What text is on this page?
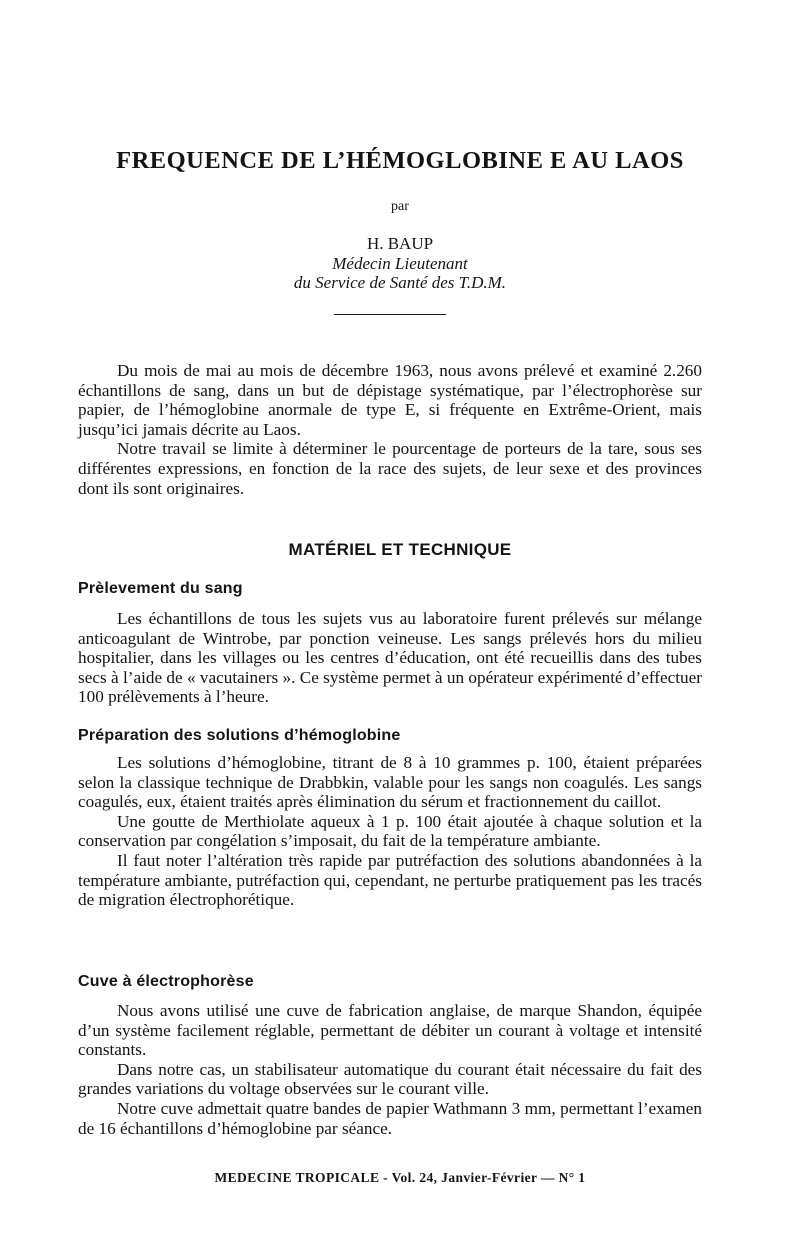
FREQUENCE DE L’HÉMOGLOBINE E AU LAOS
par
H. BAUP
Médecin Lieutenant
du Service de Santé des T.D.M.

Du mois de mai au mois de décembre 1963, nous avons prélevé et examiné 2.260 échantillons de sang, dans un but de dépistage systématique, par l’électrophorèse sur papier, de l’hémoglobine anormale de type E, si fréquente en Extrême-Orient, mais jusqu’ici jamais décrite au Laos.

Notre travail se limite à déterminer le pourcentage de porteurs de la tare, sous ses différentes expressions, en fonction de la race des sujets, de leur sexe et des provinces dont ils sont originaires.

MATÉRIEL ET TECHNIQUE
Prèlevement du sang

Les échantillons de tous les sujets vus au laboratoire furent prélevés sur mélange anticoagulant de Wintrobe, par ponction veineuse. Les sangs prélevés hors du milieu hospitalier, dans les villages ou les centres d’éducation, ont été recueillis dans des tubes secs à l’aide de « vacutainers ». Ce système permet à un opérateur expérimenté d’effectuer 100 prélèvements à l’heure.

Préparation des solutions d’hémoglobine

Les solutions d’hémoglobine, titrant de 8 à 10 grammes p. 100, étaient préparées selon la classique technique de Drabbkin, valable pour les sangs non coagulés. Les sangs coagulés, eux, étaient traités après élimination du sérum et fractionnement du caillot.

Une goutte de Merthiolate aqueux à 1 p. 100 était ajoutée à chaque solution et la conservation par congélation s’imposait, du fait de la température ambiante.

Il faut noter l’altération très rapide par putréfaction des solutions abandonnées à la température ambiante, putréfaction qui, cependant, ne perturbe pratiquement pas les tracés de migration électrophorétique.

Cuve à électrophorèse

Nous avons utilisé une cuve de fabrication anglaise, de marque Shandon, équipée d’un système facilement réglable, permettant de débiter un courant à voltage et intensité constants.

Dans notre cas, un stabilisateur automatique du courant était nécessaire du fait des grandes variations du voltage observées sur le courant ville.

Notre cuve admettait quatre bandes de papier Wathmann 3 mm, permettant l’examen de 16 échantillons d’hémoglobine par séance.

MEDECINE TROPICALE - Vol. 24, Janvier-Février — N° 1
